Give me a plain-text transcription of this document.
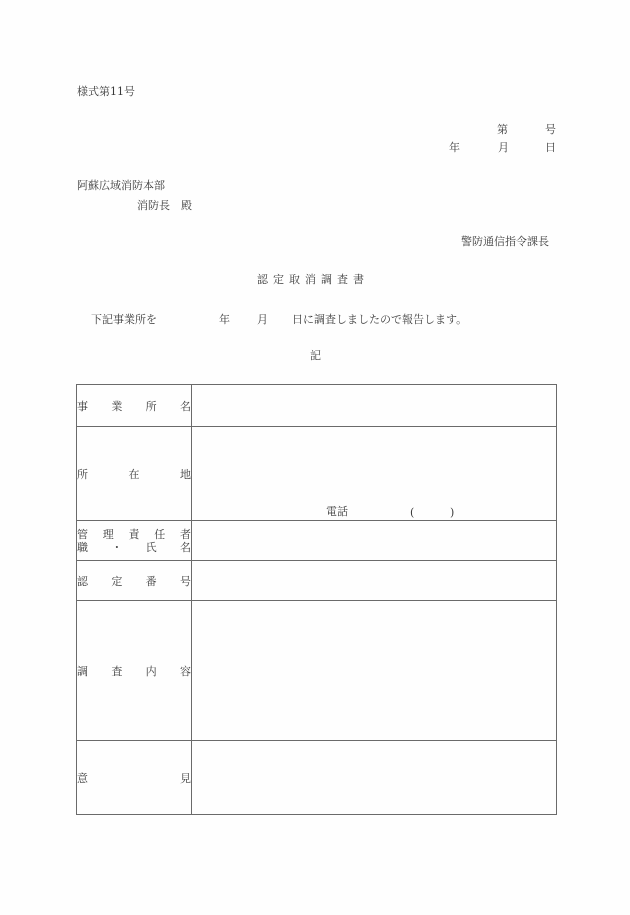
様式第11号
第	号
年	月	日
阿蘇広域消防本部
消防長　殿
警防通信指令課長
認定取消調査書
下記事業所を	年 月 日に調査しましたので報告します。
記
事 業 所 名	

所 在 地	電話 ( )

管 理 責 任 者
職 ・ 氏 名

認 定 番 号	

調 査 内 容	

意 見	
